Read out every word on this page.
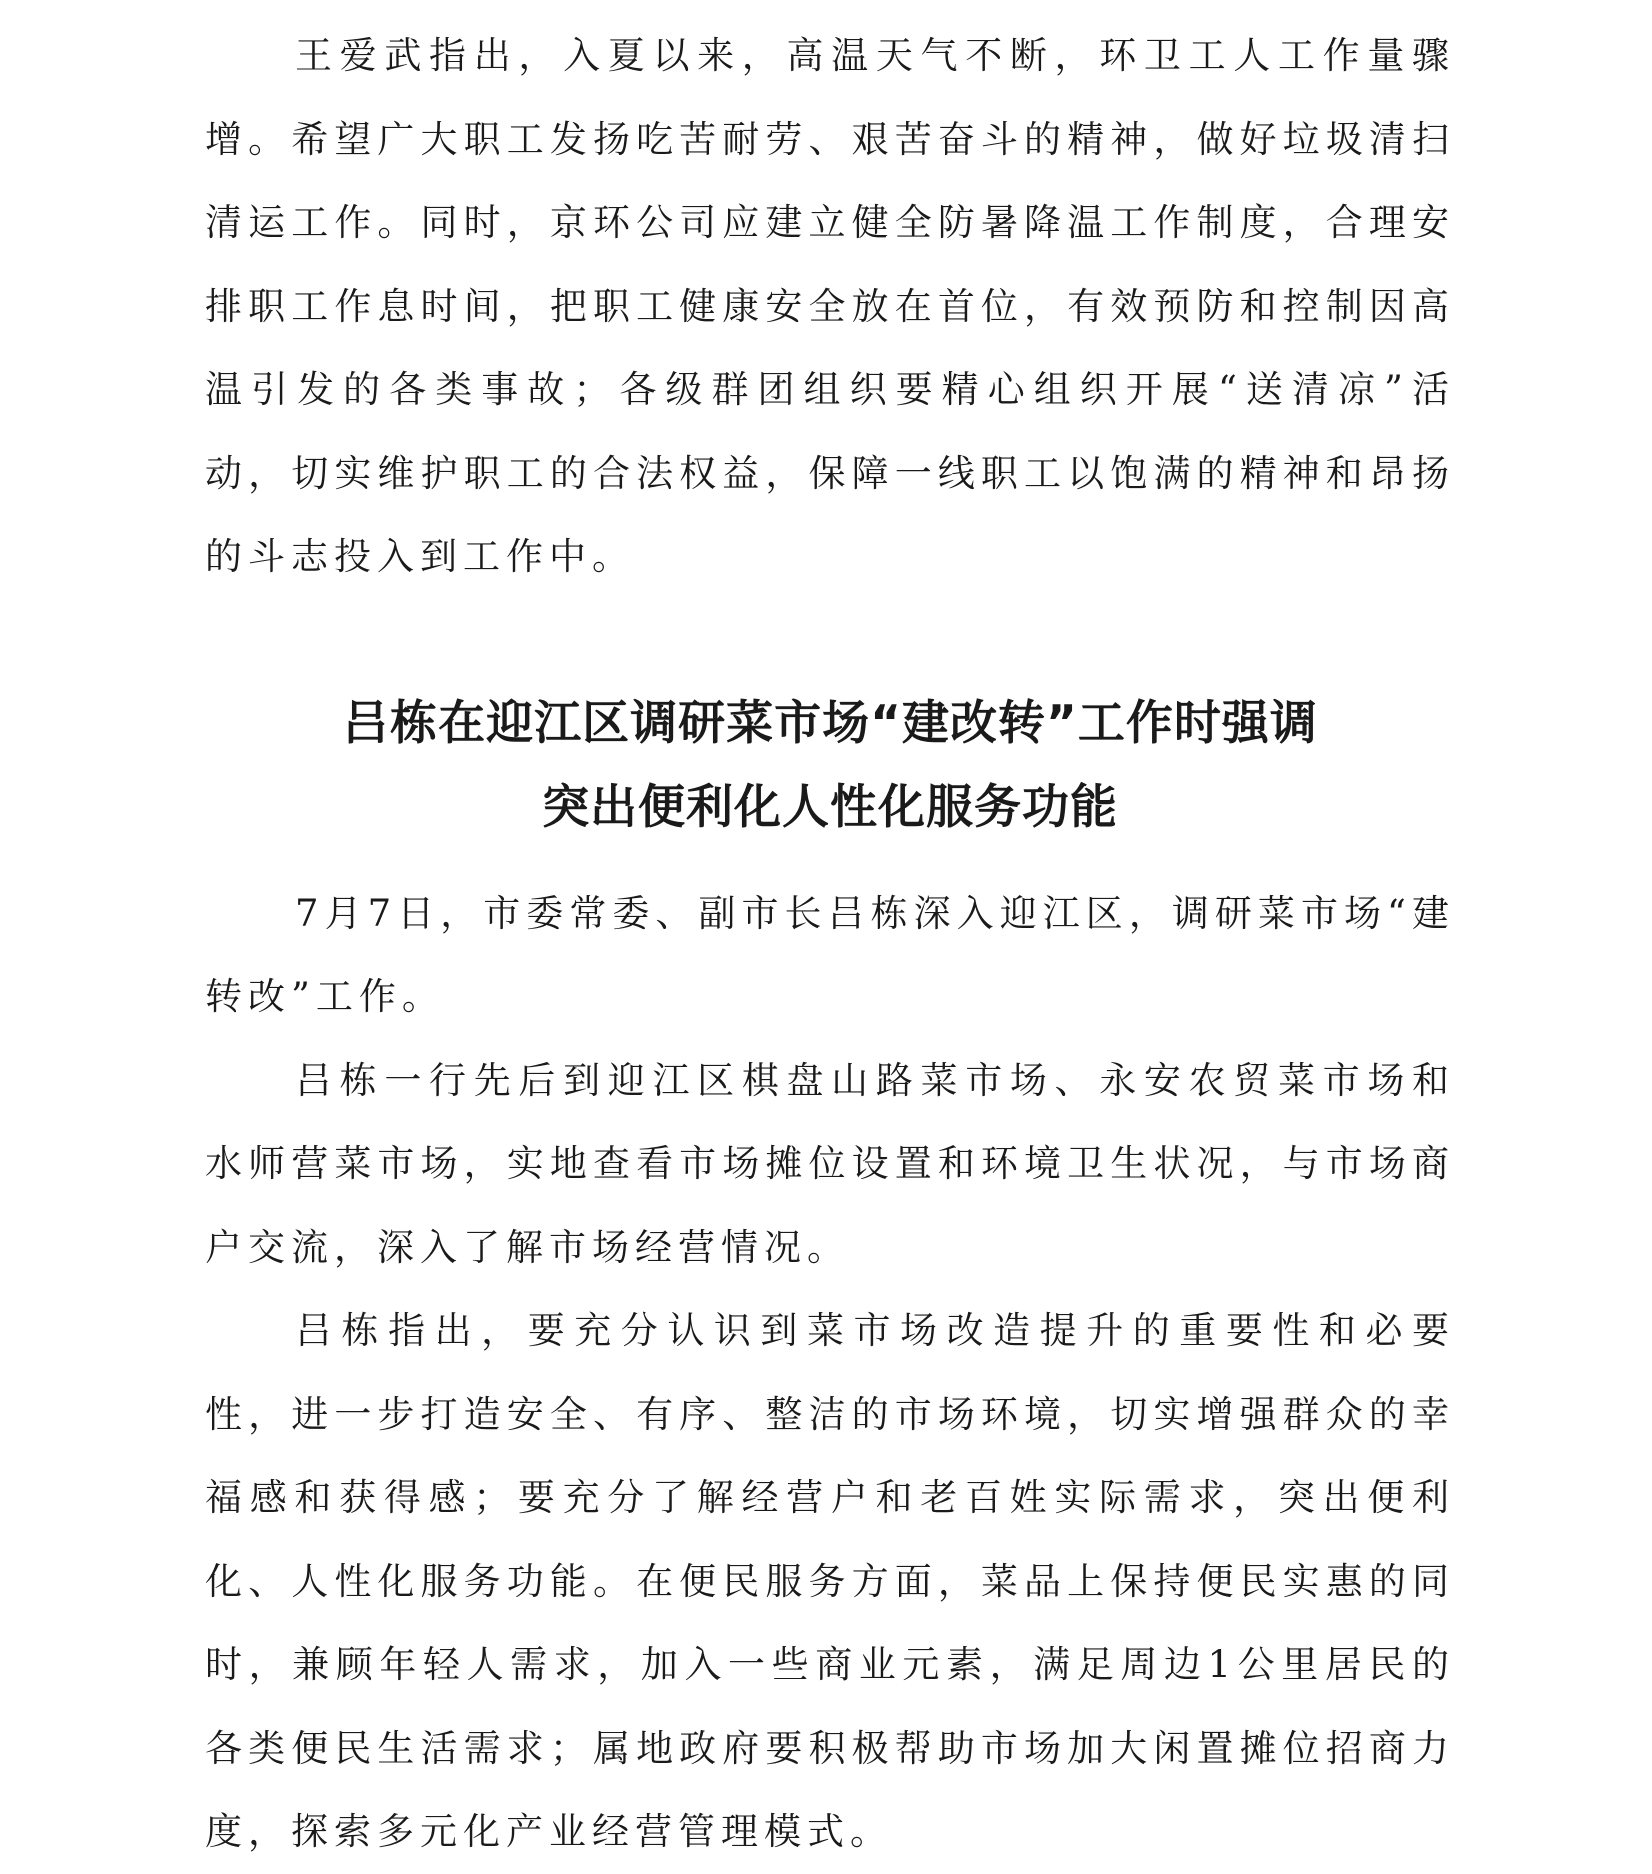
王爱武指出，入夏以来，高温天气不断，环卫工人工作量骤增。希望广大职工发扬吃苦耐劳、艰苦奋斗的精神，做好垃圾清扫清运工作。同时，京环公司应建立健全防暑降温工作制度，合理安排职工作息时间，把职工健康安全放在首位，有效预防和控制因高温引发的各类事故；各级群团组织要精心组织开展“送清凉”活动，切实维护职工的合法权益，保障一线职工以饱满的精神和昂扬的斗志投入到工作中。

吕栋在迎江区调研菜市场“建改转”工作时强调

突出便利化人性化服务功能

7月7日，市委常委、副市长吕栋深入迎江区，调研菜市场“建转改”工作。

吕栋一行先后到迎江区棋盘山路菜市场、永安农贸菜市场和水师营菜市场，实地查看市场摊位设置和环境卫生状况，与市场商户交流，深入了解市场经营情况。

吕栋指出，要充分认识到菜市场改造提升的重要性和必要性，进一步打造安全、有序、整洁的市场环境，切实增强群众的幸福感和获得感；要充分了解经营户和老百姓实际需求，突出便利化、人性化服务功能。在便民服务方面，菜品上保持便民实惠的同时，兼顾年轻人需求，加入一些商业元素，满足周边1公里居民的各类便民生活需求；属地政府要积极帮助市场加大闲置摊位招商力度，探索多元化产业经营管理模式。
